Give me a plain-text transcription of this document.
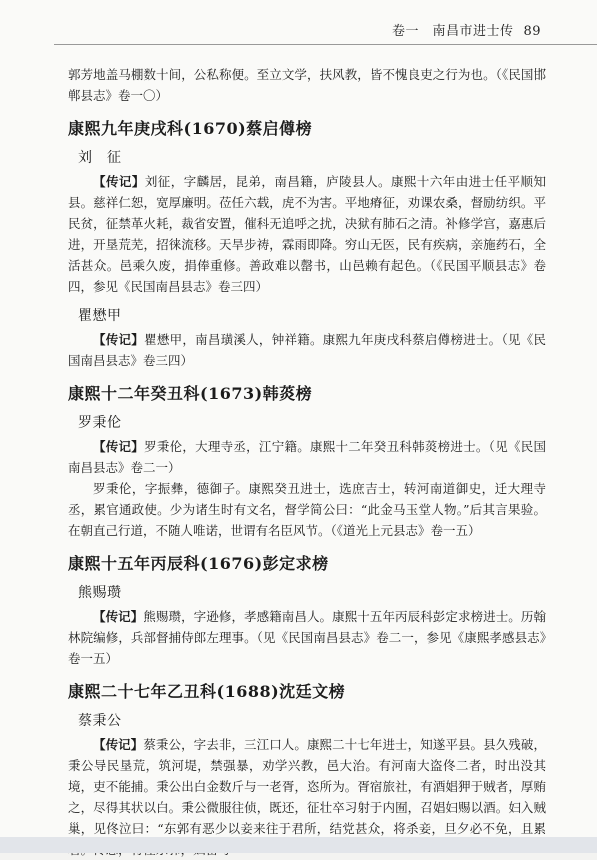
卷一　南昌市进士传 89

郭芳地盖马棚数十间，公私称便。至立文学，扶风教，皆不愧良吏之行为也。（《民国邯郸县志》卷一〇）

康熙九年庚戌科(1670)蔡启僔榜
刘　征

【传记】刘征，字麟居，昆弟，南昌籍，庐陵县人。康熙十六年由进士任平顺知县。慈祥仁恕，宽厚廉明。莅任六载，虎不为害。平地瘠征，劝课农桑，督励纺织。平民贫，征禁革火耗，裁省安置，催科无追呼之扰，决狱有肺石之清。补修学宫，嘉惠后进，开垦荒芜，招徕流移。天旱步祷，霖雨即降。穷山无医，民有疾病，亲施药石，全活甚众。邑乘久废，捐俸重修。善政难以罄书，山邑赖有起色。（《民国平顺县志》卷四，参见《民国南昌县志》卷三四）

瞿懋甲

【传记】瞿懋甲，南昌璜溪人，钟祥籍。康熙九年庚戌科蔡启僔榜进士。（见《民国南昌县志》卷三四）

康熙十二年癸丑科(1673)韩菼榜
罗秉伦

【传记】罗秉伦，大理寺丞，江宁籍。康熙十二年癸丑科韩菼榜进士。（见《民国南昌县志》卷二一）

罗秉伦，字振彝，德御子。康熙癸丑进士，选庶吉士，转河南道御史，迁大理寺丞，累官通政使。少为诸生时有文名，督学简公曰：“此金马玉堂人物。”后其言果验。在朝直己行道，不随人唯诺，世谓有名臣风节。（《道光上元县志》卷一五）

康熙十五年丙辰科(1676)彭定求榜
熊赐瓒

【传记】熊赐瓒，字逊修，孝感籍南昌人。康熙十五年丙辰科彭定求榜进士。历翰林院编修，兵部督捕侍郎左理事。（见《民国南昌县志》卷二一，参见《康熙孝感县志》卷一五）

康熙二十七年乙丑科(1688)沈廷文榜
蔡秉公

【传记】蔡秉公，字去非，三江口人。康熙二十七年进士，知遂平县。县久残破，秉公导民垦荒，筑河堤，禁强暴，劝学兴教，邑大治。有河南大盗佟二者，时出没其境，吏不能捕。秉公出白金数斤与一老胥，恣所为。胥宿旅社，有酒娼狎于贼者，厚贿之，尽得其状以白。秉公微服往侦，既还，征壮卒习射于内囿，召娼妇赐以酒。妇入贼巢，见佟泣曰：“东郭有恶少以妾来往于君所，结党甚众，将杀妾，旦夕必不免，且累
